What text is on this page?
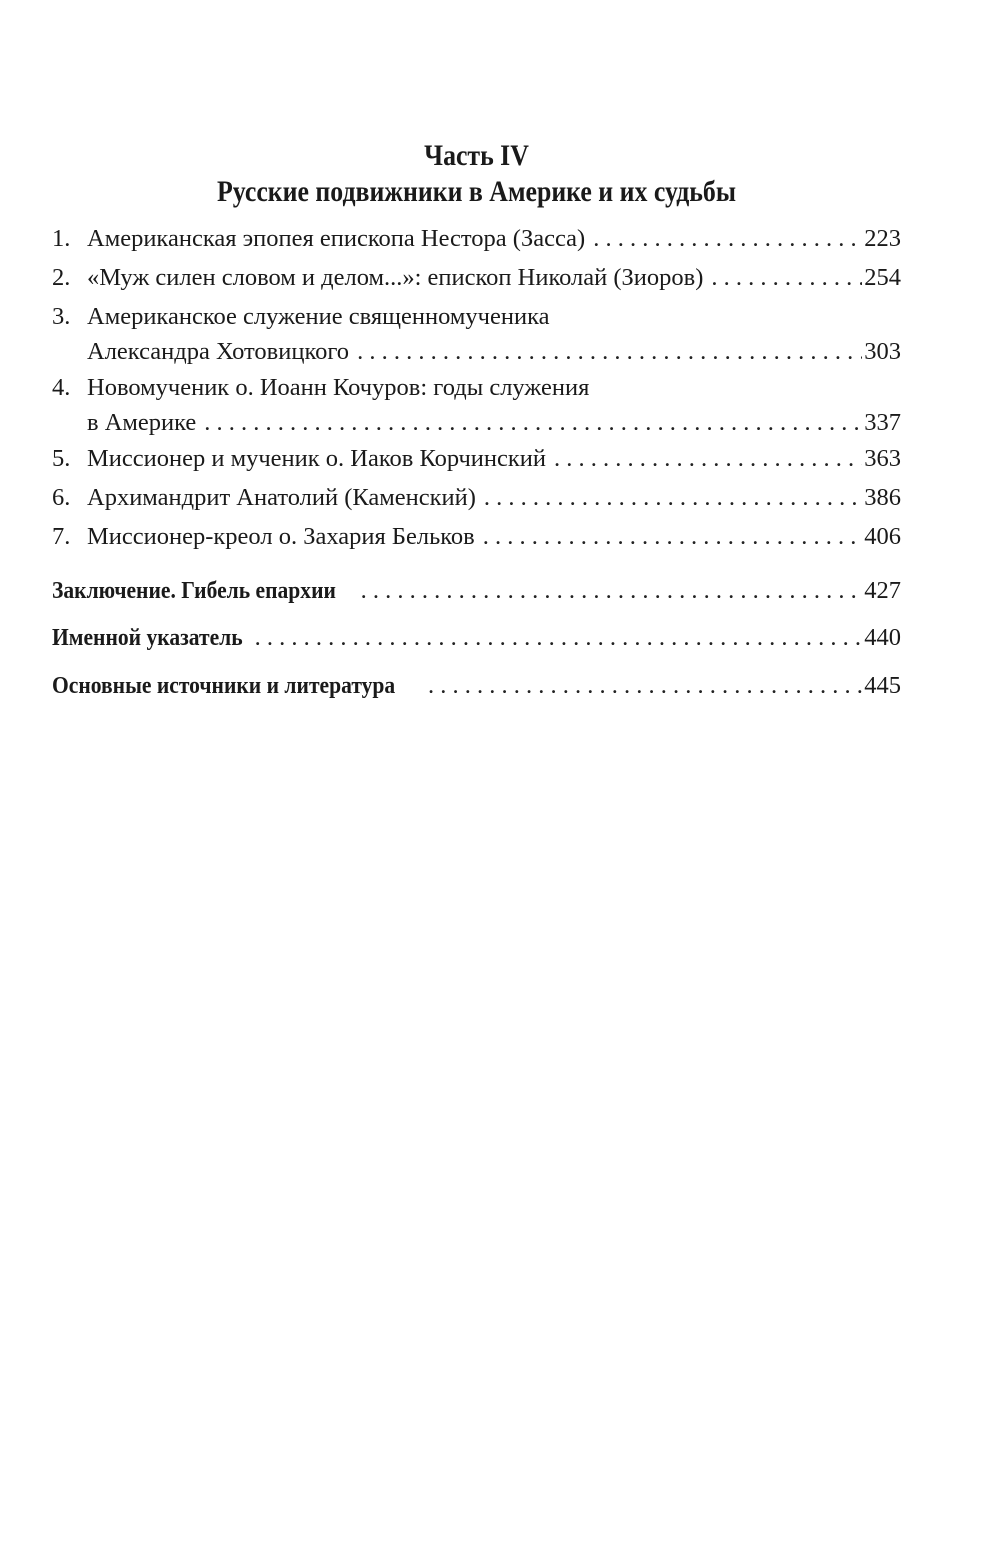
Часть IV
Русские подвижники в Америке и их судьбы
1. Американская эпопея епископа Нестора (Засса) . . .	223
2. «Муж силен словом и делом...»: епископ Николай (Зиоров) . . .	254
3. Американское служение священномученика
Александра Хотовицкого . . .	303
4. Новомученик о. Иоанн Кочуров: годы служения
в Америке . . .	337
5. Миссионер и мученик о. Иаков Корчинский . . .	363
6. Архимандрит Анатолий (Каменский) . . .	386
7. Миссионер-креол о. Захария Бельков . . .	406
Заключение. Гибель епархии . . .	427
Именной указатель . . .	440
Основные источники и литература . . .	445
